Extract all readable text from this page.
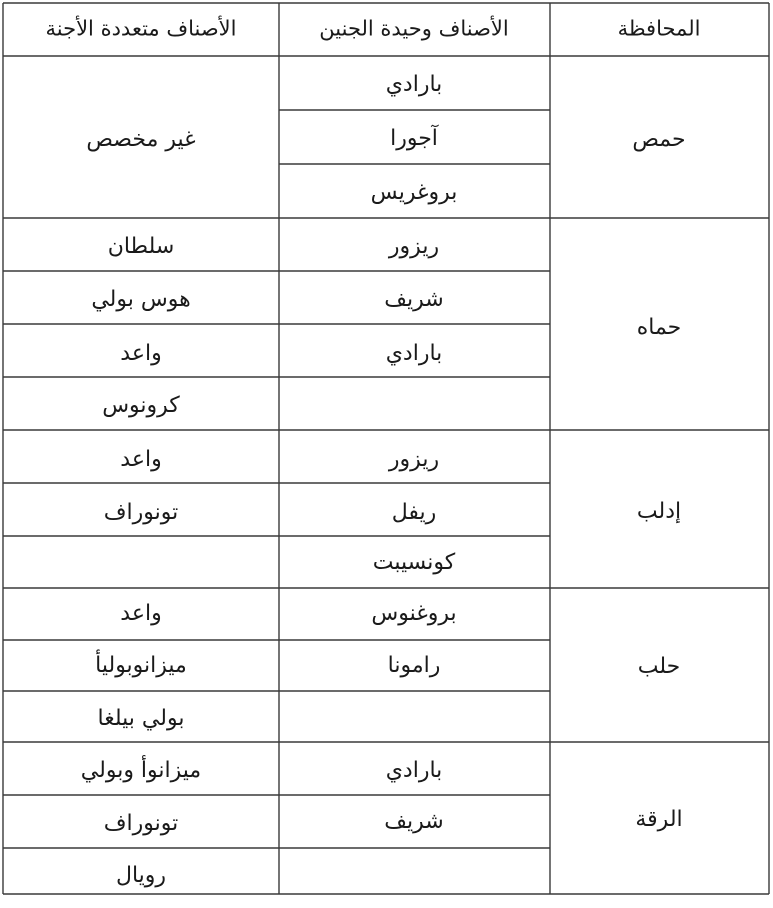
المحافظة
الأصناف وحيدة الجنين
الأصناف متعددة الأجنة
حمص
بارادي
آجورا
بروغريس
غير مخصص
حماه
ريزور
شريف
بارادي
سلطان
هوس بولي
واعد
كرونوس
إدلب
ريزور
ريفل
كونسيبت
واعد
تونوراف
حلب
بروغنوس
رامونا
واعد
ميزانوبوليأ
بولي بيلغا
الرقة
بارادي
شريف
ميزانوأ وبولي
تونوراف
رويال
